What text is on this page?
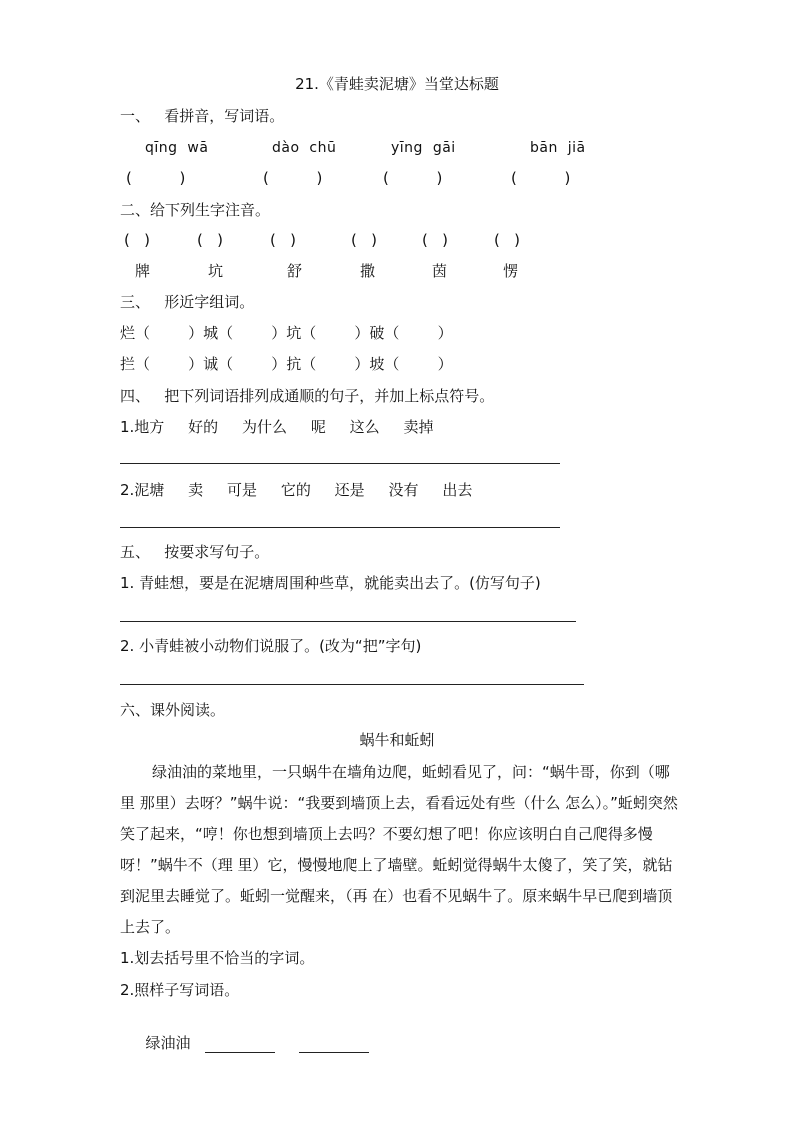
21.《青蛙卖泥塘》当堂达标题
一、   看拼音，写词语。
qīng  wā	dào  chū	yīng  gāi	bān  jiā
(          )	(          )	(          )	(          )
二、给下列生字注音。
(   )	(   )	(   )	(   )	(   )	(   )
牌	坑	舒	撒	茵	愣
三、   形近字组词。
烂（        ）城（        ）坑（        ）破（        ）
拦（        ）诚（        ）抗（        ）坡（        ）
四、   把下列词语排列成通顺的句子，并加上标点符号。
1.地方     好的     为什么     呢     这么     卖掉
2.泥塘     卖     可是     它的     还是     没有     出去
五、   按要求写句子。
1. 青蛙想，要是在泥塘周围种些草，就能卖出去了。(仿写句子)
2. 小青蛙被小动物们说服了。(改为“把”字句)
六、课外阅读。
蜗牛和蚯蚓
绿油油的菜地里，一只蜗牛在墙角边爬，蚯蚓看见了，问：“蜗牛哥，你到（哪里 那里）去呀？”蜗牛说：“我要到墙顶上去，看看远处有些（什么 怎么）。”蚯蚓突然笑了起来，“哼！你也想到墙顶上去吗？不要幻想了吧！你应该明白自己爬得多慢呀！”蜗牛不（理 里）它，慢慢地爬上了墙壁。蚯蚓觉得蜗牛太傻了，笑了笑，就钻到泥里去睡觉了。蚯蚓一觉醒来，（再 在）也看不见蜗牛了。原来蜗牛早已爬到墙顶上去了。
1.划去括号里不恰当的字词。
2.照样子写词语。

绿油油
